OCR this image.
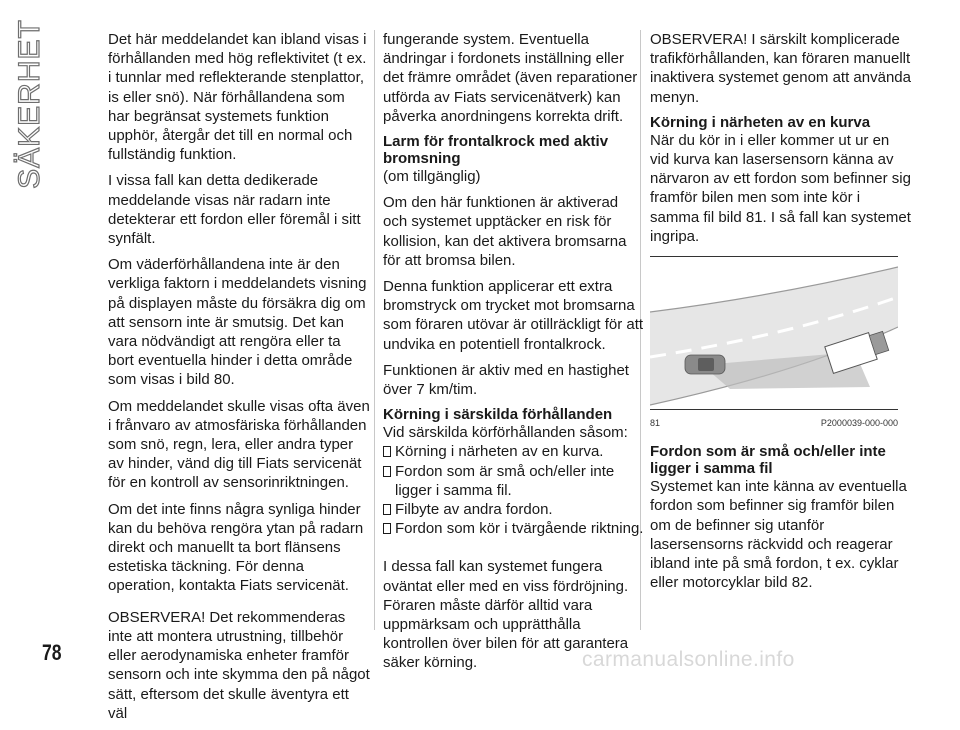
SÄKERHET	Det här meddelandet kan ibland visas i förhållanden med hög reflektivitet (t ex. i tunnlar med reflekterande stenplattor, is eller snö). När förhållandena som har begränsat systemets funktion upphör, återgår det till en normal och fullständig funktion.

I vissa fall kan detta dedikerade meddelande visas när radarn inte detekterar ett fordon eller föremål i sitt synfält.

Om väderförhållandena inte är den verkliga faktorn i meddelandets visning på displayen måste du försäkra dig om att sensorn inte är smutsig. Det kan vara nödvändigt att rengöra eller ta bort eventuella hinder i detta område som visas i bild 80.

Om meddelandet skulle visas ofta även i frånvaro av atmosfäriska förhållanden som snö, regn, lera, eller andra typer av hinder, vänd dig till Fiats servicenät för en kontroll av sensorinriktningen.

Om det inte finns några synliga hinder kan du behöva rengöra ytan på radarn direkt och manuellt ta bort flänsens estetiska täckning. För denna operation, kontakta Fiats servicenät.

OBSERVERA! Det rekommenderas inte att montera utrustning, tillbehör eller aerodynamiska enheter framför sensorn och inte skymma den på något sätt, eftersom det skulle äventyra ett väl

fungerande system. Eventuella ändringar i fordonets inställning eller det främre området (även reparationer utförda av Fiats servicenätverk) kan påverka anordningens korrekta drift.

Larm för frontalkrock med aktiv bromsning

(om tillgänglig)

Om den här funktionen är aktiverad och systemet upptäcker en risk för kollision, kan det aktivera bromsarna för att bromsa bilen.

Denna funktion applicerar ett extra bromstryck om trycket mot bromsarna som föraren utövar är otillräckligt för att undvika en potentiell frontalkrock.

Funktionen är aktiv med en hastighet över 7 km/tim.

Körning i särskilda förhållanden

Vid särskilda körförhållanden såsom:

Körning i närheten av en kurva.
Fordon som är små och/eller inte ligger i samma fil.
Filbyte av andra fordon.
Fordon som kör i tvärgående riktning.

I dessa fall kan systemet fungera oväntat eller med en viss fördröjning. Föraren måste därför alltid vara uppmärksam och upprätthålla kontrollen över bilen för att garantera säker körning.

OBSERVERA! I särskilt komplicerade trafikförhållanden, kan föraren manuellt inaktivera systemet genom att använda menyn.

Körning i närheten av en kurva

När du kör in i eller kommer ut ur en vid kurva kan lasersensorn känna av närvaron av ett fordon som befinner sig framför bilen men som inte kör i samma fil bild 81. I så fall kan systemet ingripa.

81	P2000039-000-000
Fordon som är små och/eller inte ligger i samma fil

Systemet kan inte känna av eventuella fordon som befinner sig framför bilen om de befinner sig utanför lasersensorns räckvidd och reagerar ibland inte på små fordon, t ex. cyklar eller motorcyklar bild 82.

78	carmanualsonline.info
